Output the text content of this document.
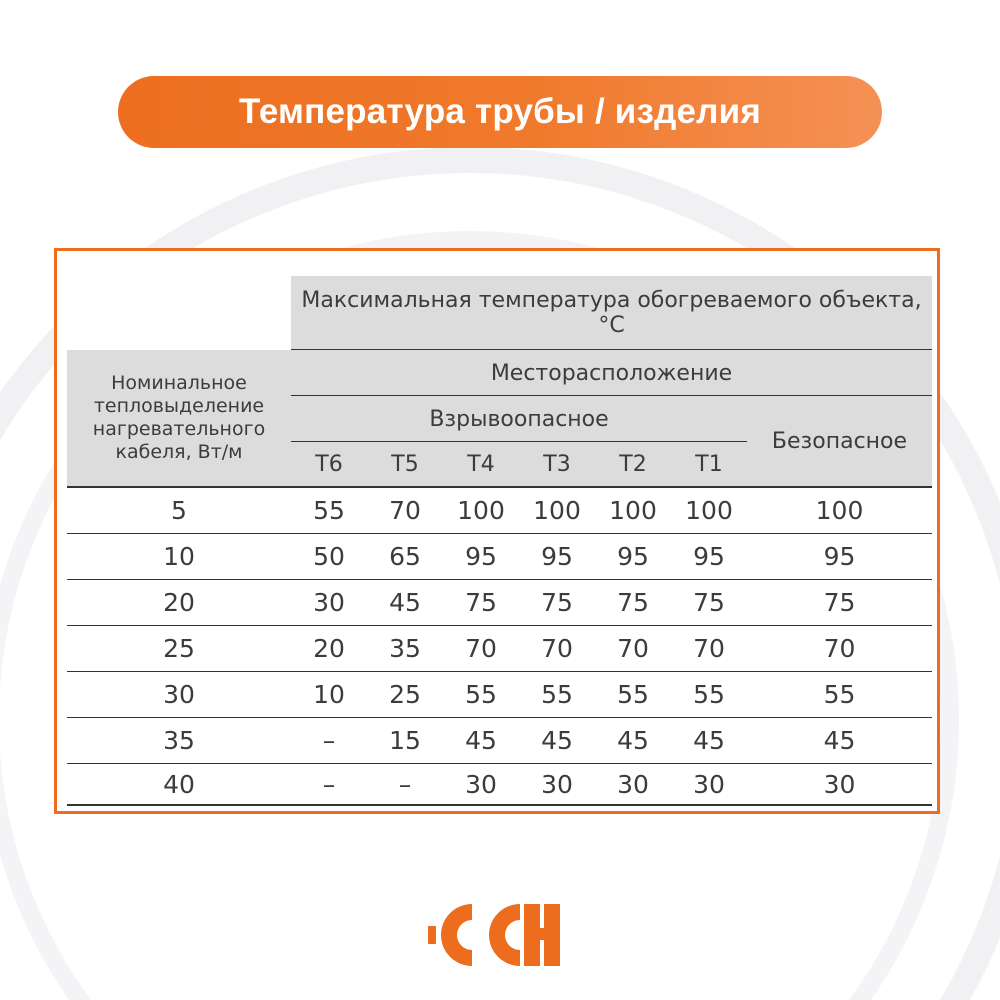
Температура трубы / изделия
Максимальная температура обогреваемого объекта, °С
Номинальное тепловыделение нагревательного кабеля, Вт/м
Месторасположение
Взрывоопасное
Безопасное
Т6	Т5	Т4	Т3	Т2	Т1
5	55	70	100	100	100	100	100
10	50	65	95	95	95	95	95
20	30	45	75	75	75	75	75
25	20	35	70	70	70	70	70
30	10	25	55	55	55	55	55
35	–	15	45	45	45	45	45
40	–	–	30	30	30	30	30
